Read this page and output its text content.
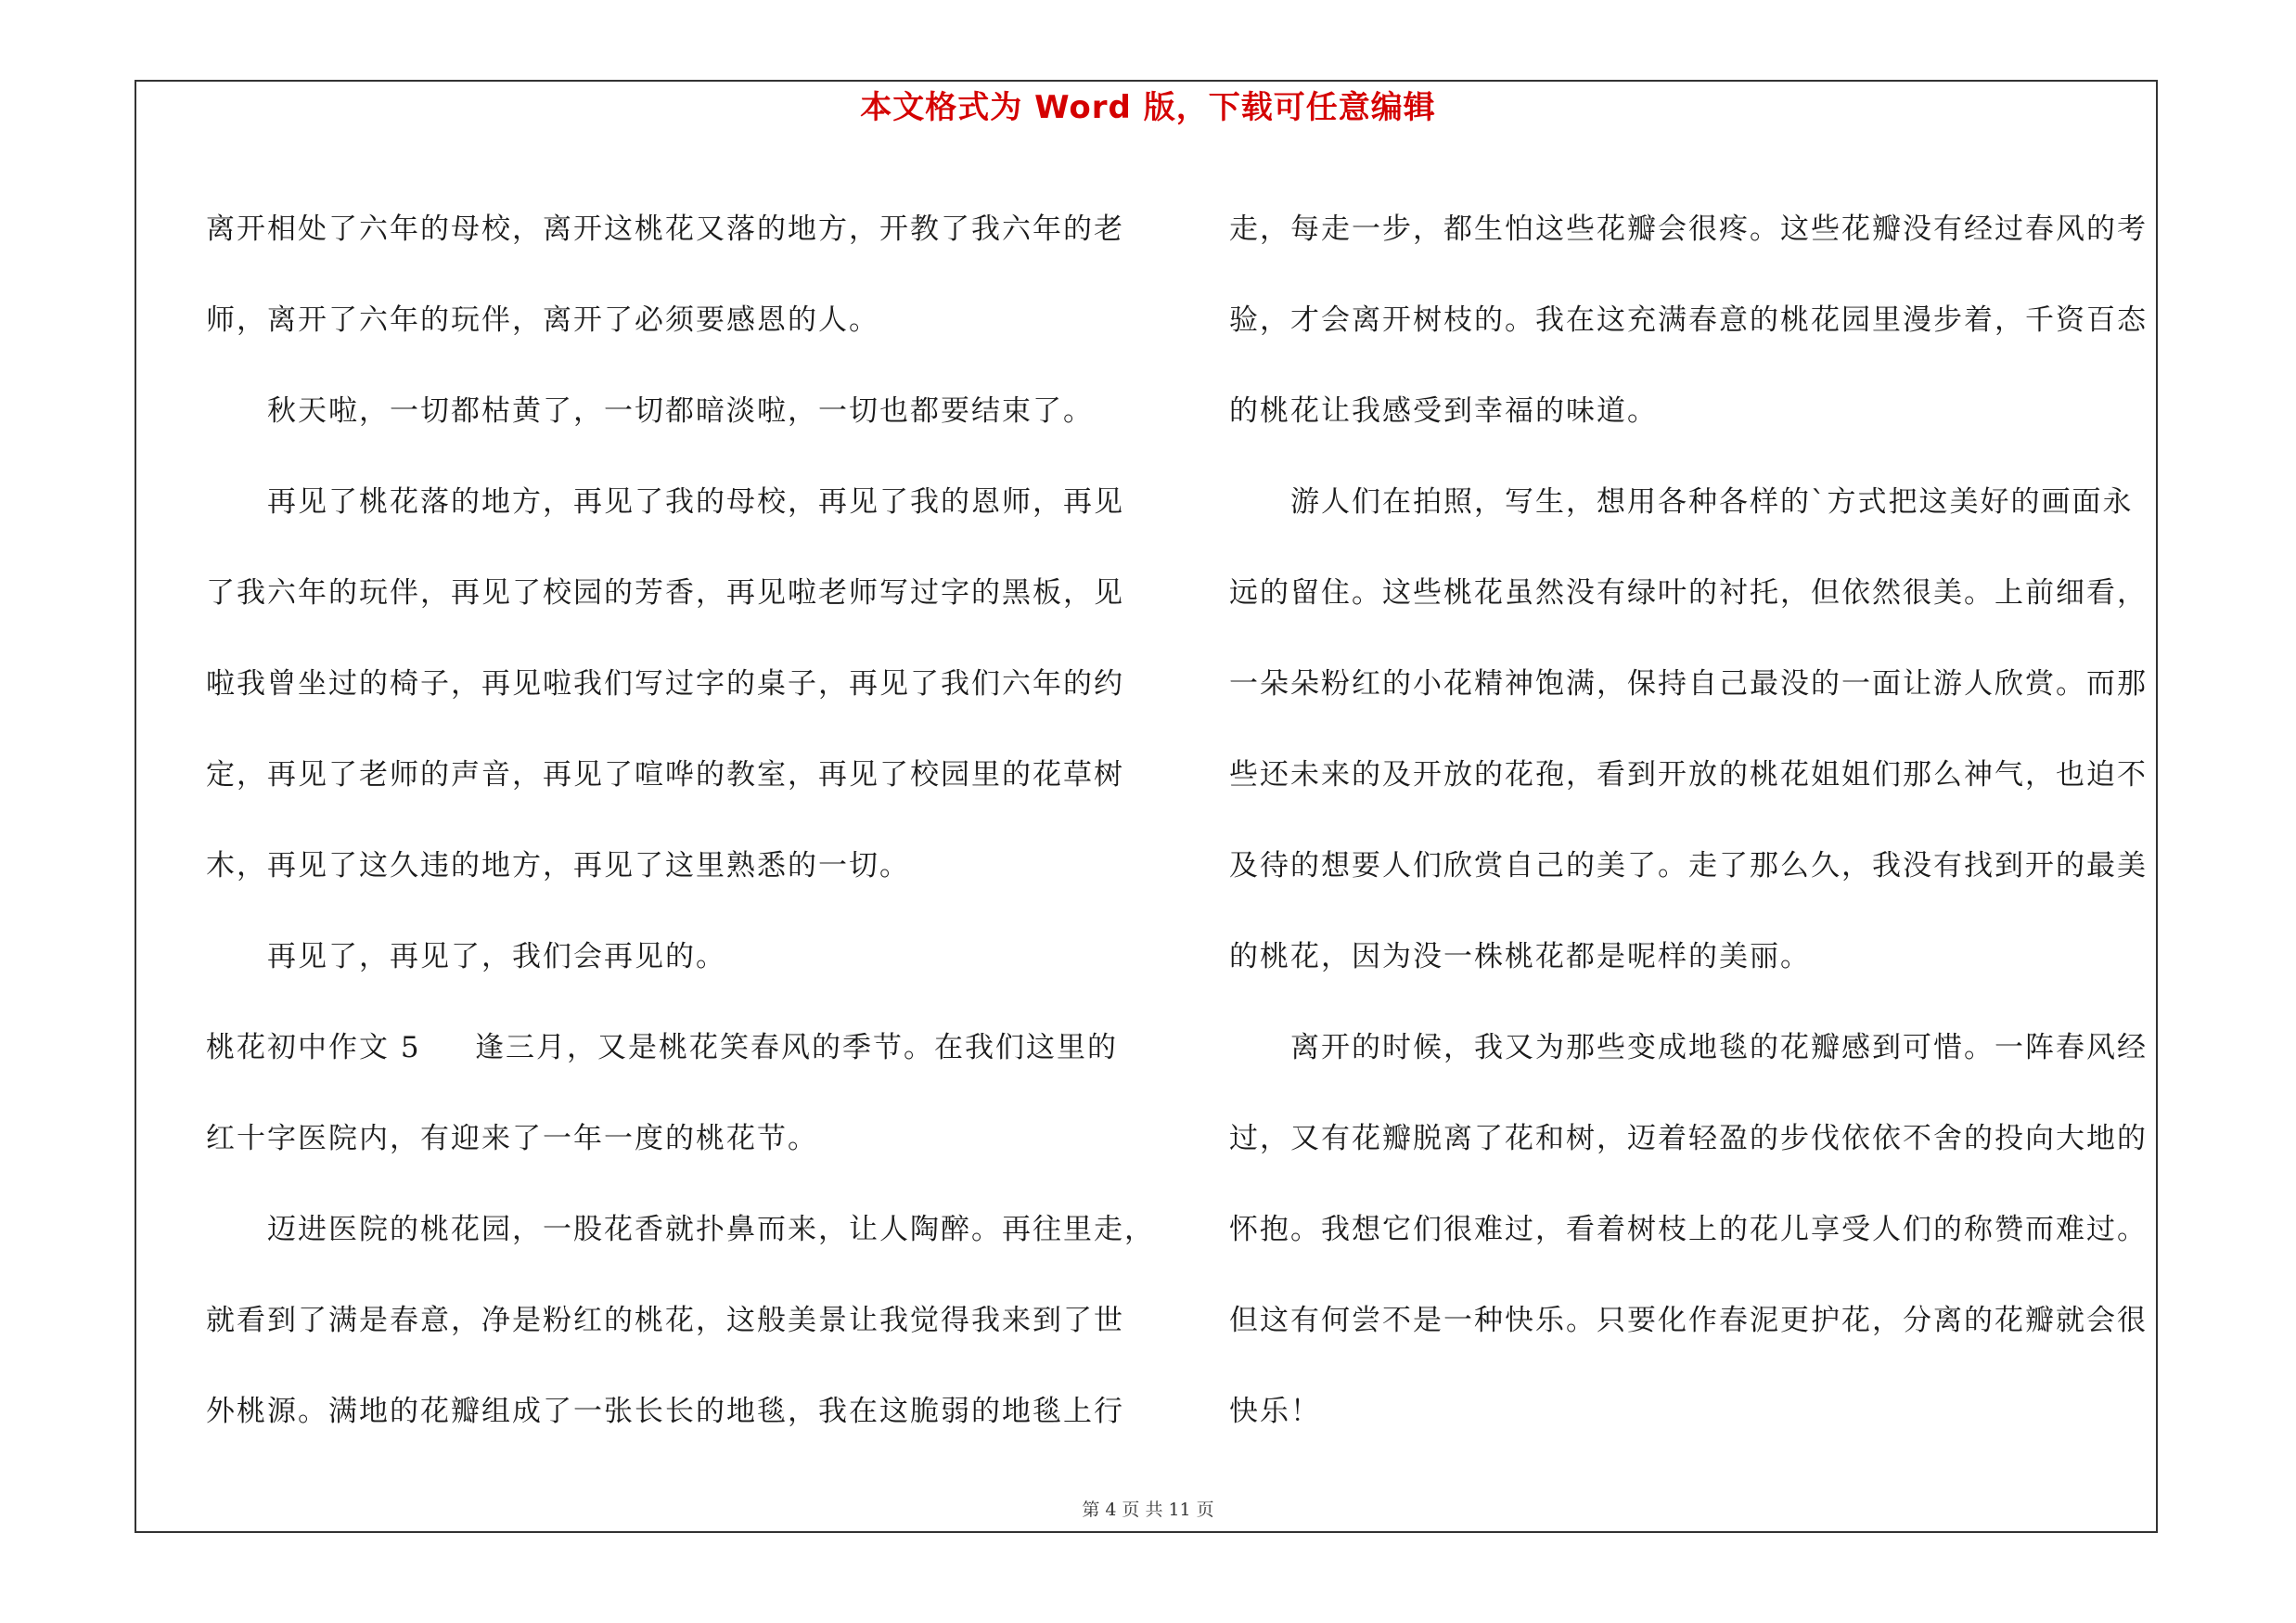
本文格式为 Word 版，下载可任意编辑
离开相处了六年的母校，离开这桃花又落的地方，开教了我六年的老
师，离开了六年的玩伴，离开了必须要感恩的人。
秋天啦，一切都枯黄了，一切都暗淡啦，一切也都要结束了。
再见了桃花落的地方，再见了我的母校，再见了我的恩师，再见
了我六年的玩伴，再见了校园的芳香，再见啦老师写过字的黑板，见
啦我曾坐过的椅子，再见啦我们写过字的桌子，再见了我们六年的约
定，再见了老师的声音，再见了喧哗的教室，再见了校园里的花草树
木，再见了这久违的地方，再见了这里熟悉的一切。
再见了，再见了，我们会再见的。
桃花初中作文 5 逢三月，又是桃花笑春风的季节。在我们这里的
红十字医院内，有迎来了一年一度的桃花节。
迈进医院的桃花园，一股花香就扑鼻而来，让人陶醉。再往里走，
就看到了满是春意，净是粉红的桃花，这般美景让我觉得我来到了世
外桃源。满地的花瓣组成了一张长长的地毯，我在这脆弱的地毯上行
走，每走一步，都生怕这些花瓣会很疼。这些花瓣没有经过春风的考
验，才会离开树枝的。我在这充满春意的桃花园里漫步着，千资百态
的桃花让我感受到幸福的味道。
游人们在拍照，写生，想用各种各样的`方式把这美好的画面永
远的留住。这些桃花虽然没有绿叶的衬托，但依然很美。上前细看，
一朵朵粉红的小花精神饱满，保持自己最没的一面让游人欣赏。而那
些还未来的及开放的花孢，看到开放的桃花姐姐们那么神气，也迫不
及待的想要人们欣赏自己的美了。走了那么久，我没有找到开的最美
的桃花，因为没一株桃花都是呢样的美丽。
离开的时候，我又为那些变成地毯的花瓣感到可惜。一阵春风经
过，又有花瓣脱离了花和树，迈着轻盈的步伐依依不舍的投向大地的
怀抱。我想它们很难过，看着树枝上的花儿享受人们的称赞而难过。
但这有何尝不是一种快乐。只要化作春泥更护花，分离的花瓣就会很
快乐！
第 4 页 共 11 页
